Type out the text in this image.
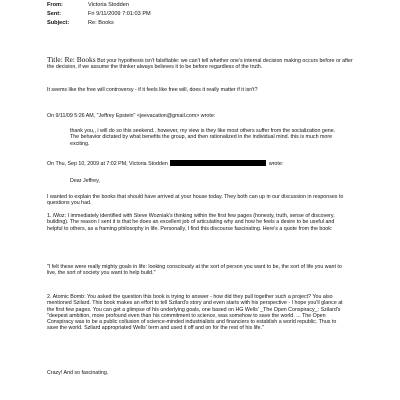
From:	Victoria Stodden
Sent:	Fri 9/11/2009 7:01:03 PM
Subject:	Re: Books
Title: Re: Books But your hypothesis isn't falsifiable: we can't tell whether one's internal decision making occurs before or after the decision, if we assume the thinker always believes it to be before regardless of the truth.
It seems like the free will controversy - if it feels like free will, does it really matter if it isn't?
On 9/11/09 5:26 AM, "Jeffrey Epstein" <jeevacation@gmail.com> wrote:
thank you,, i will do so this seekend.. however, my view is they like most others suffer from the socialization gene. The behavior dictated by what benefits the group, and then rationalized in the individual mind. this is much more exciting.
On Thu, Sep 10, 2009 at 7:02 PM, Victoria Stodden	wrote:
Dear Jeffrey,
I wanted to explain the books that should have arrived at your house today. They both can up in our discussion in responses to questions you had.
1. iWoz: I immediately identified with Steve Wozniak's thinking within the first few pages (honesty, truth, sense of discovery, building). The reason I sent it is that he does an excellent job of articulating why and how he feels a desire to be useful and helpful to others, as a framing philosophy in life. Personally, I find this discourse fascinating. Here's a quote from the book:
"I felt these were really mighty goals in life: looking consciously at the sort of person you want to be, the sort of life you want to live, the sort of society you want to help build."
2. Atomic Bomb: You asked the question this book is trying to answer - how did they pull together such a project? You also mentioned Szilard. This book makes an effort to tell Szilard's story and even starts with his perspective - I hope you'll glance at the first few pages. You can get a glimpse of his underlying goals, one based on HG Wells' _The Open Conspiracy_: Szilard's "deepest ambition, more profound even than his commitment to science, was somehow to save the world. ... The Open Conspiracy was to be a public collusion of science-minded industrialists and financiers to establish a world republic. Thus to save the world. Szilard appropriated Wells' term and used it off and on for the rest of his life."
Crazy! And so fascinating.
